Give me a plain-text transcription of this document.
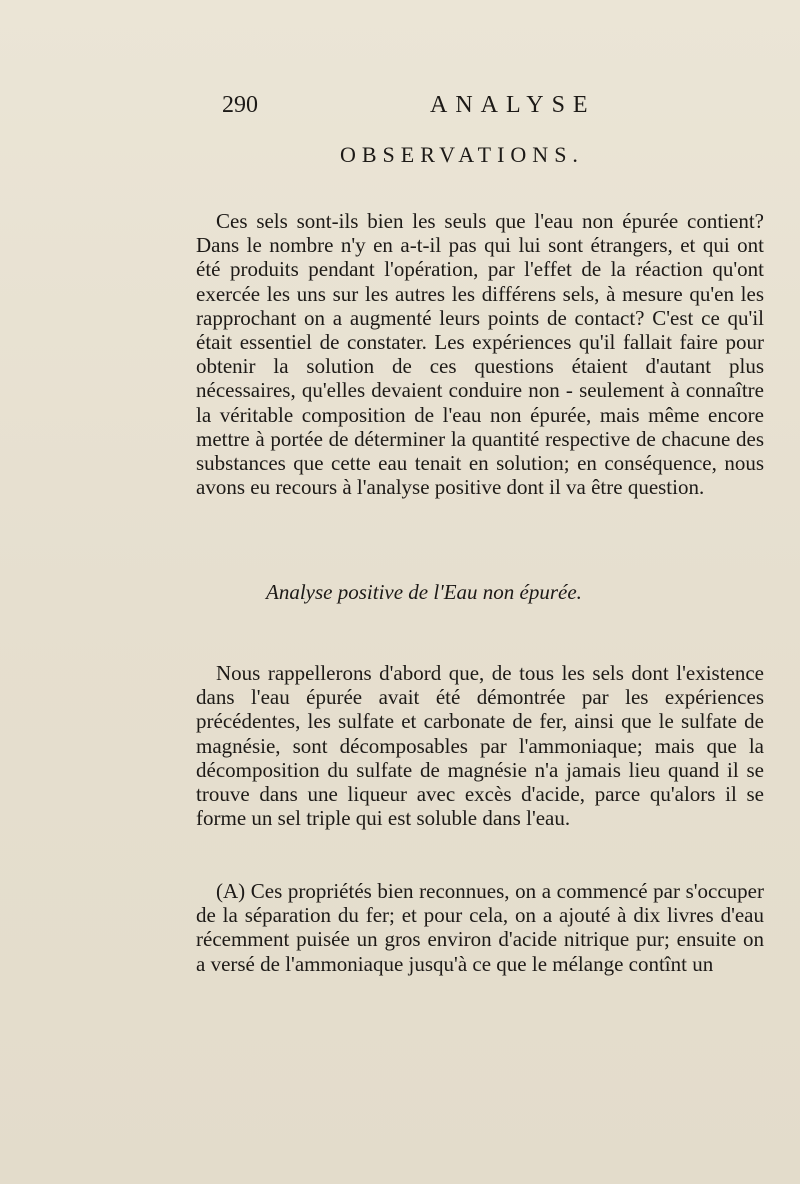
290	ANALYSE
OBSERVATIONS.

Ces sels sont-ils bien les seuls que l'eau non épurée contient? Dans le nombre n'y en a-t-il pas qui lui sont étrangers, et qui ont été produits pendant l'opération, par l'effet de la réaction qu'ont exercée les uns sur les autres les différens sels, à mesure qu'en les rapprochant on a augmenté leurs points de contact? C'est ce qu'il était essentiel de constater. Les expériences qu'il fallait faire pour obtenir la solution de ces questions étaient d'autant plus nécessaires, qu'elles devaient conduire non - seulement à connaître la véritable composition de l'eau non épurée, mais même encore mettre à portée de déterminer la quantité respective de chacune des substances que cette eau tenait en solution; en conséquence, nous avons eu recours à l'analyse positive dont il va être question.

Analyse positive de l'Eau non épurée.

Nous rappellerons d'abord que, de tous les sels dont l'existence dans l'eau épurée avait été démontrée par les expériences précédentes, les sulfate et carbonate de fer, ainsi que le sulfate de magnésie, sont décomposables par l'ammoniaque; mais que la décomposition du sulfate de magnésie n'a jamais lieu quand il se trouve dans une liqueur avec excès d'acide, parce qu'alors il se forme un sel triple qui est soluble dans l'eau.

(A) Ces propriétés bien reconnues, on a commencé par s'occuper de la séparation du fer; et pour cela, on a ajouté à dix livres d'eau récemment puisée un gros environ d'acide nitrique pur; ensuite on a versé de l'ammoniaque jusqu'à ce que le mélange contînt un
